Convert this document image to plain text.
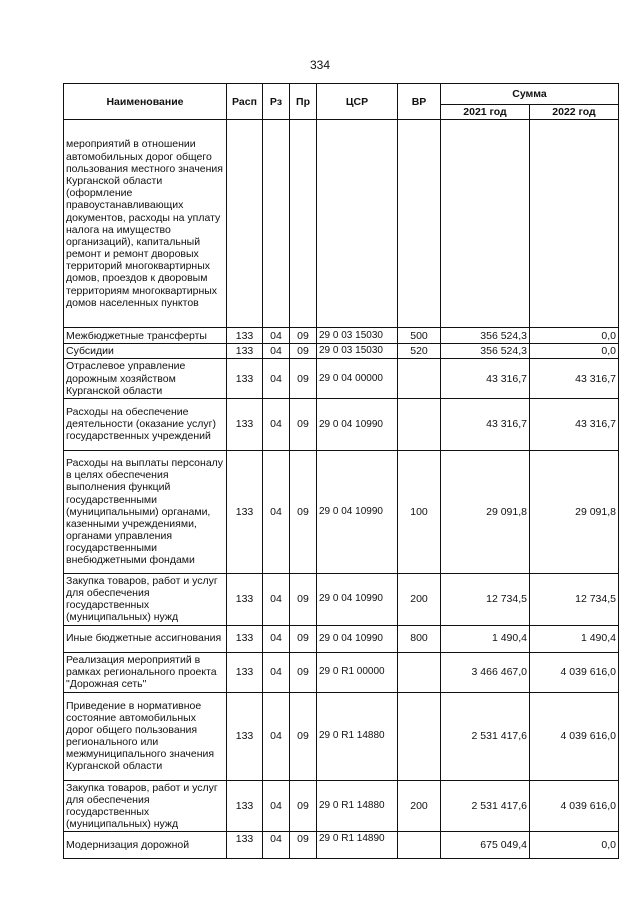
334
Наименование	Расп	Рз	Пр	ЦСР	ВР	Сумма	
						2021 год	2022 год
мероприятий в отношении автомобильных дорог общего пользования местного значения Курганской области (оформление правоустанавливающих документов, расходы на уплату налога на имущество организаций), капитальный ремонт и ремонт дворовых территорий многоквартирных домов, проездов к дворовым территориям многоквартирных домов населенных пунктов							
Межбюджетные трансферты	133	04	09	29 0 03 15030	500	356 524,3	0,0
Субсидии	133	04	09	29 0 03 15030	520	356 524,3	0,0
Отраслевое управление дорожным хозяйством Курганской области	133	04	09	29 0 04 00000		43 316,7	43 316,7
Расходы на обеспечение деятельности (оказание услуг) государственных учреждений	133	04	09	29 0 04 10990		43 316,7	43 316,7
Расходы на выплаты персоналу в целях обеспечения выполнения функций государственными (муниципальными) органами, казенными учреждениями, органами управления государственными внебюджетными фондами	133	04	09	29 0 04 10990	100	29 091,8	29 091,8
Закупка товаров, работ и услуг для обеспечения государственных (муниципальных) нужд	133	04	09	29 0 04 10990	200	12 734,5	12 734,5
Иные бюджетные ассигнования	133	04	09	29 0 04 10990	800	1 490,4	1 490,4
Реализация мероприятий в рамках регионального проекта "Дорожная сеть"	133	04	09	29 0 R1 00000		3 466 467,0	4 039 616,0
Приведение в нормативное состояние автомобильных дорог общего пользования регионального или межмуниципального значения Курганской области	133	04	09	29 0 R1 14880		2 531 417,6	4 039 616,0
Закупка товаров, работ и услуг для обеспечения государственных (муниципальных) нужд	133	04	09	29 0 R1 14880	200	2 531 417,6	4 039 616,0
Модернизация дорожной	133	04	09	29 0 R1 14890		675 049,4	0,0
